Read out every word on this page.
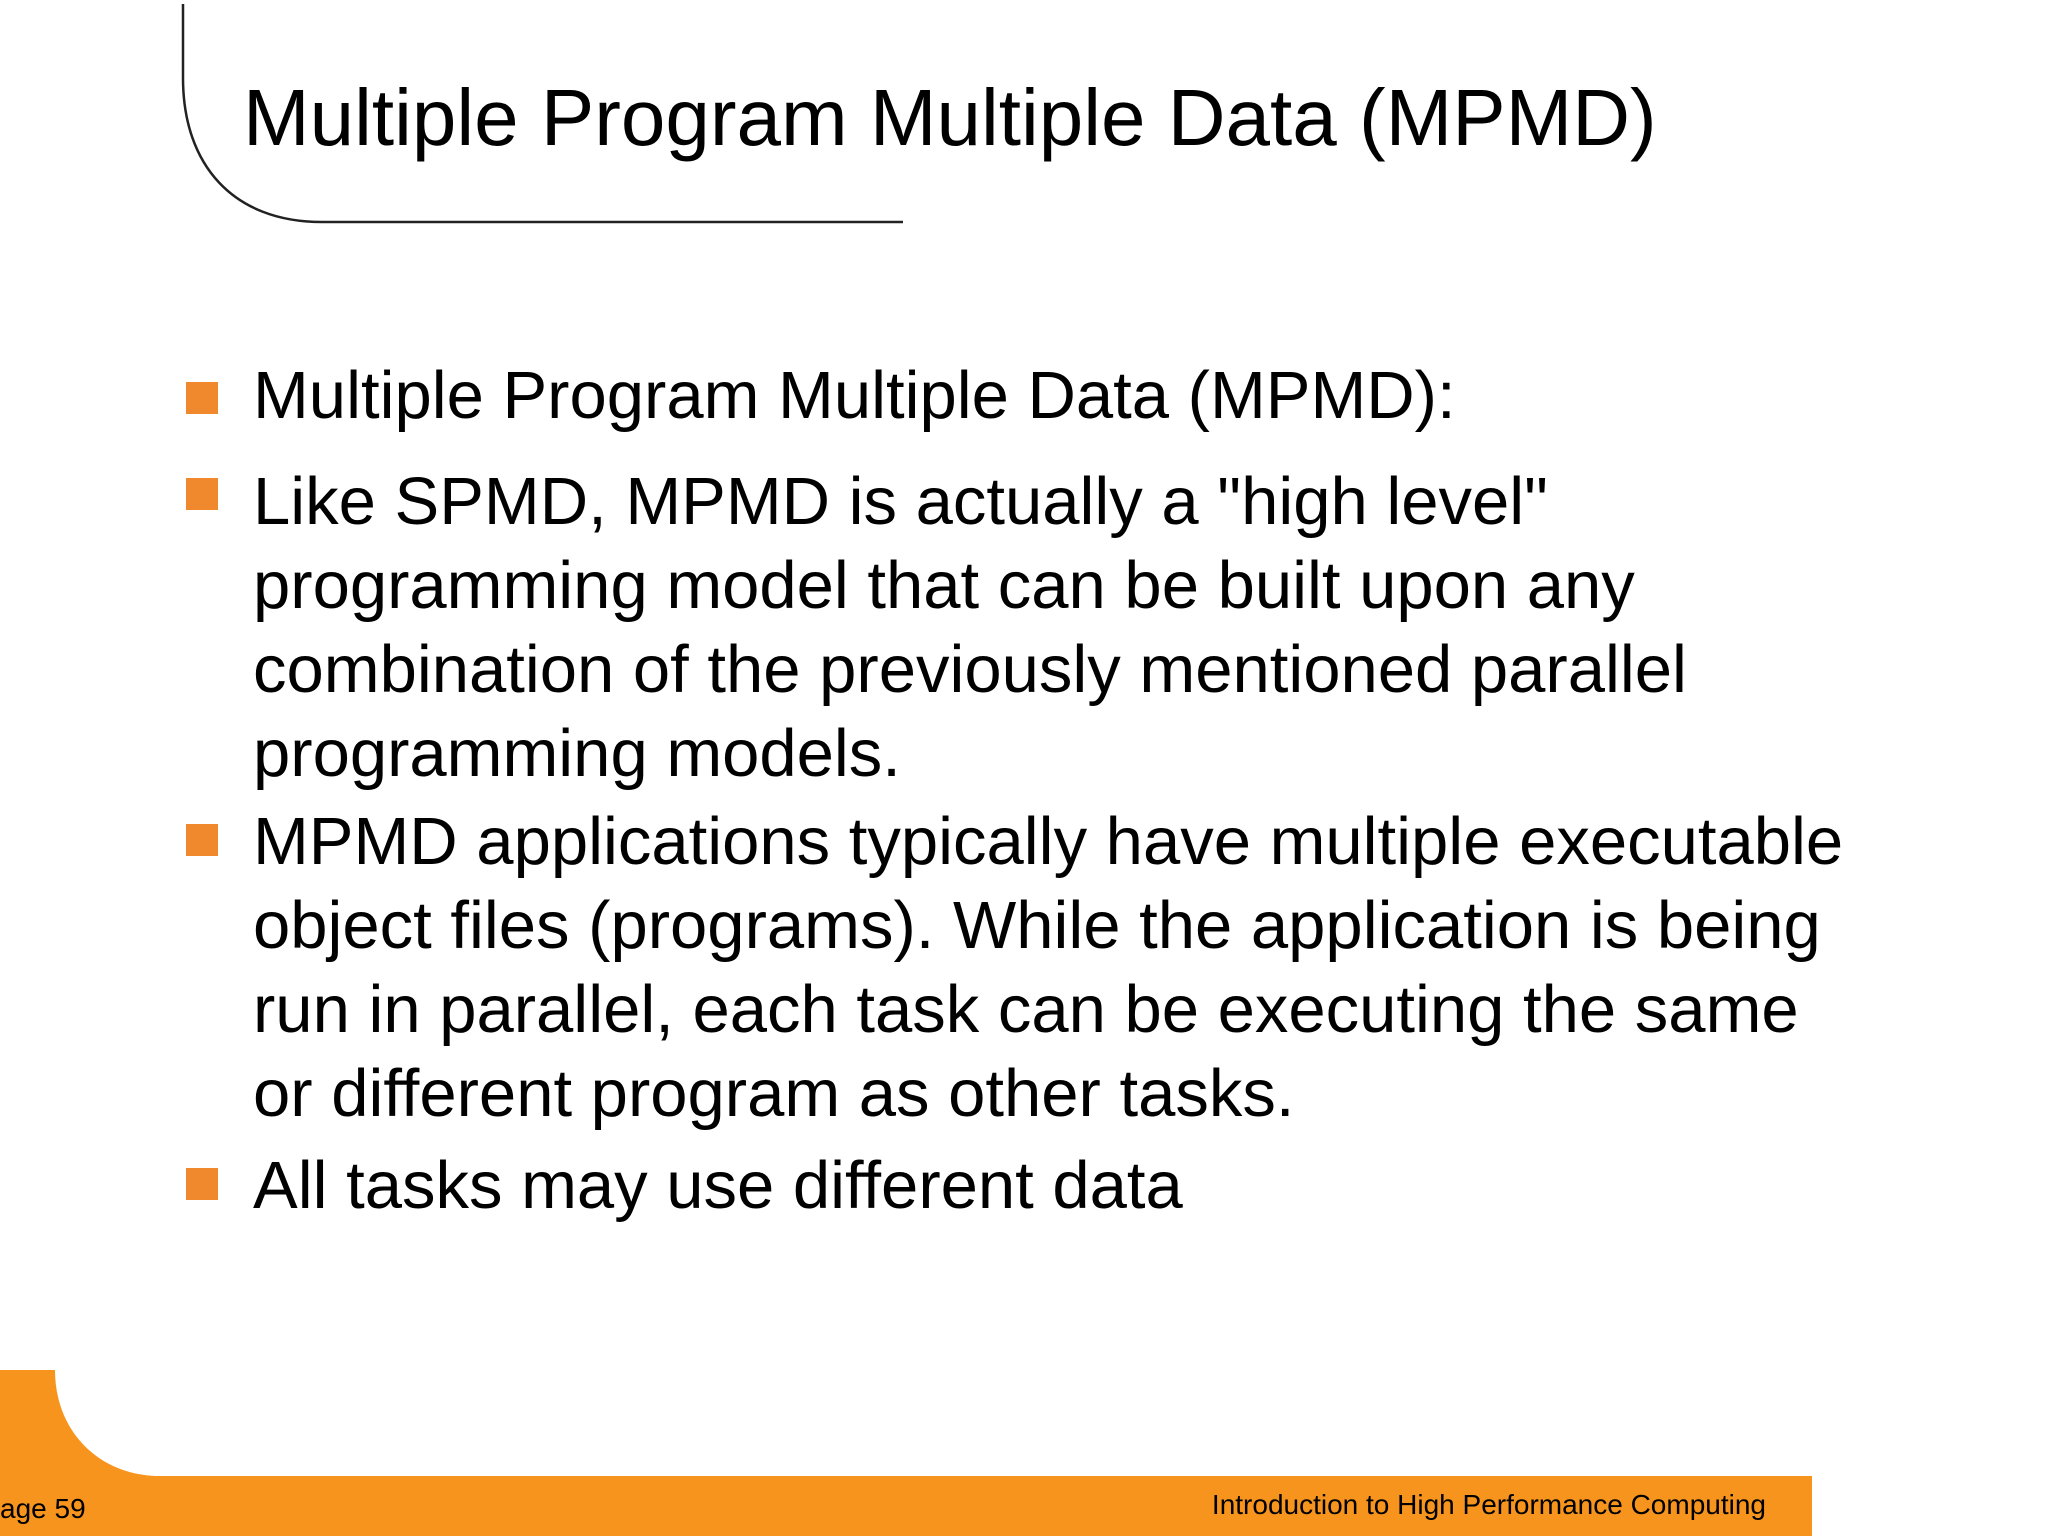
Multiple Program Multiple Data (MPMD)

Multiple Program Multiple Data (MPMD):

Like SPMD, MPMD is actually a "high level"
programming model that can be built upon any
combination of the previously mentioned parallel
programming models.

MPMD applications typically have multiple executable
object files (programs). While the application is being
run in parallel, each task can be executing the same
or different program as other tasks.

All tasks may use different data

age 59	Introduction to High Performance Computing
